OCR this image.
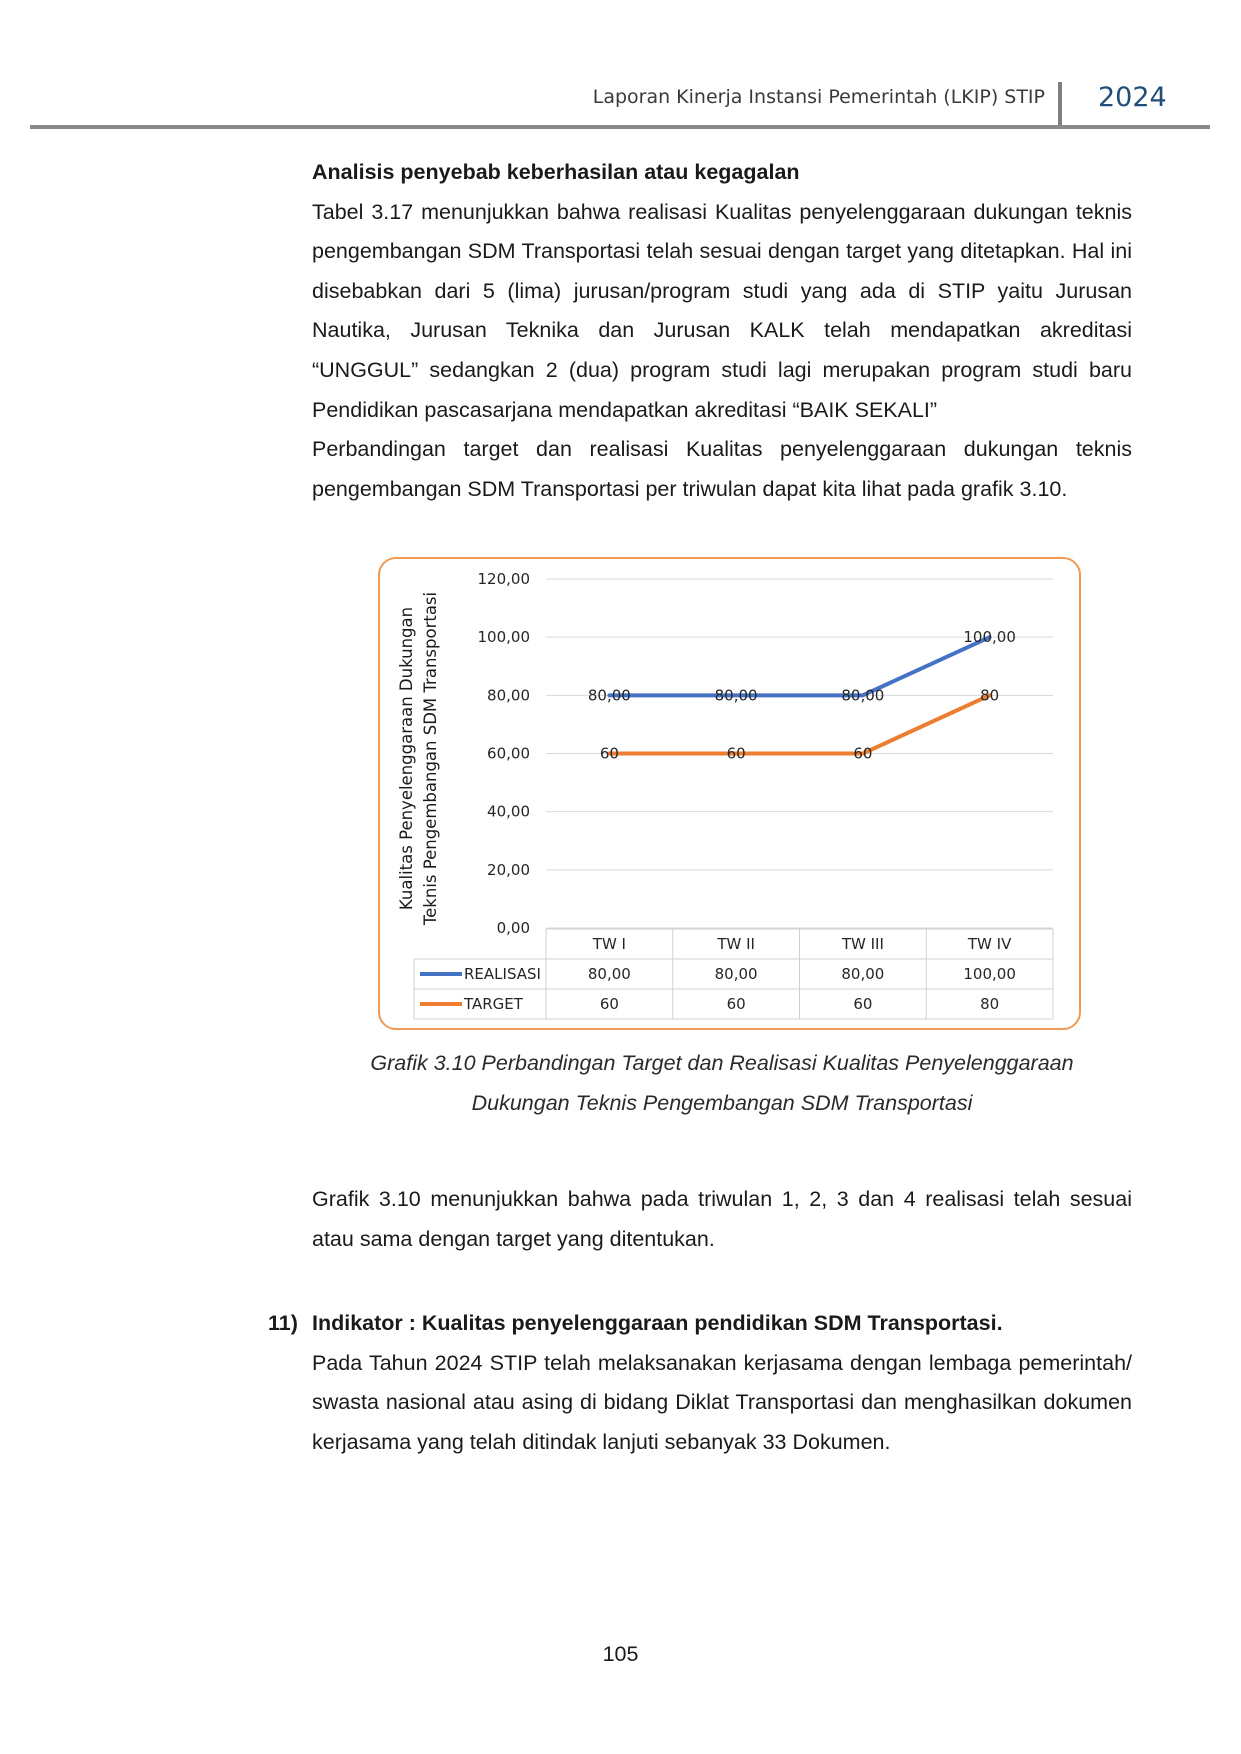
Laporan Kinerja Instansi Pemerintah (LKIP) STIP 2024

Analisis penyebab keberhasilan atau kegagalan

Tabel 3.17 menunjukkan bahwa realisasi Kualitas penyelenggaraan dukungan teknis pengembangan SDM Transportasi telah sesuai dengan target yang ditetapkan. Hal ini disebabkan dari 5 (lima) jurusan/program studi yang ada di STIP yaitu Jurusan Nautika, Jurusan Teknika dan Jurusan KALK telah mendapatkan akreditasi “UNGGUL” sedangkan 2 (dua) program studi lagi merupakan program studi baru Pendidikan pascasarjana mendapatkan akreditasi “BAIK SEKALI”

Perbandingan target dan realisasi Kualitas penyelenggaraan dukungan teknis pengembangan SDM Transportasi per triwulan dapat kita lihat pada grafik 3.10.

0,00
20,00
40,00
60,00
80,00
100,00
120,00
Kualitas Penyelenggaraan Dukungan Teknis Pengembangan SDM Transportasi	80,00	80,00	80,00
100,00
60	60	60
80
TW I	TW II	TW III	TW IV
REALISASI	80,00	80,00	80,00	100,00
TARGET	60	60	60	80
Grafik 3.10 Perbandingan Target dan Realisasi Kualitas Penyelenggaraan
Dukungan Teknis Pengembangan SDM Transportasi
Grafik 3.10 menunjukkan bahwa pada triwulan 1, 2, 3 dan 4 realisasi telah sesuai atau sama dengan target yang ditentukan.
11) Indikator : Kualitas penyelenggaraan pendidikan SDM Transportasi.

Pada Tahun 2024 STIP telah melaksanakan kerjasama dengan lembaga pemerintah/ swasta nasional atau asing di bidang Diklat Transportasi dan menghasilkan dokumen kerjasama yang telah ditindak lanjuti sebanyak 33 Dokumen.

105
